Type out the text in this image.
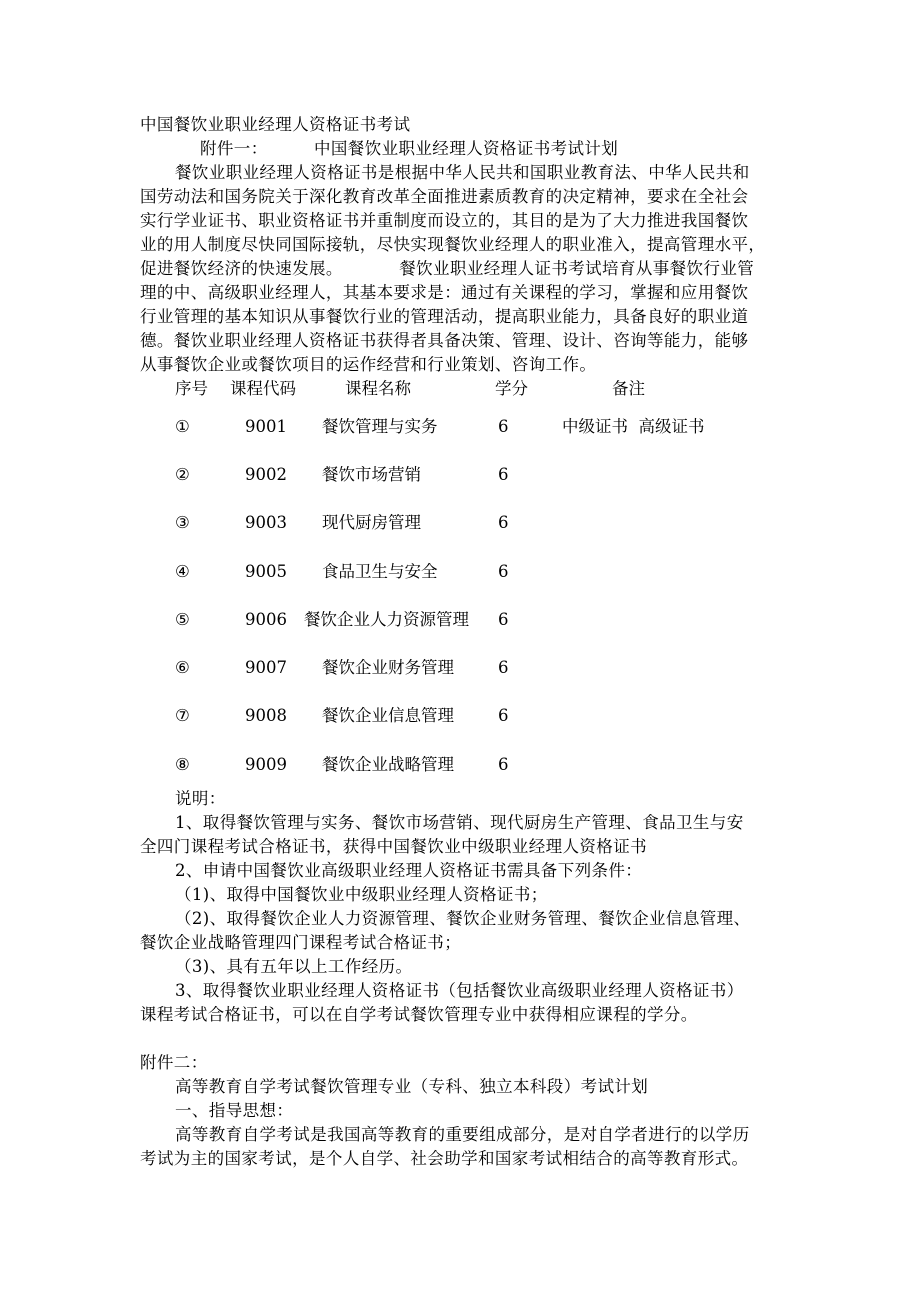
中国餐饮业职业经理人资格证书考试
附件一：	中国餐饮业职业经理人资格证书考试计划
餐饮业职业经理人资格证书是根据中华人民共和国职业教育法、中华人民共和
国劳动法和国务院关于深化教育改革全面推进素质教育的决定精神，要求在全社会
实行学业证书、职业资格证书并重制度而设立的，其目的是为了大力推进我国餐饮
业的用人制度尽快同国际接轨，尽快实现餐饮业经理人的职业准入，提高管理水平，
促进餐饮经济的快速发展。          餐饮业职业经理人证书考试培育从事餐饮行业管
理的中、高级职业经理人，其基本要求是：通过有关课程的学习，掌握和应用餐饮
行业管理的基本知识从事餐饮行业的管理活动，提高职业能力，具备良好的职业道
德。餐饮业职业经理人资格证书获得者具备决策、管理、设计、咨询等能力，能够
从事餐饮企业或餐饮项目的运作经营和行业策划、咨询工作。
序号 课程代码	课程名称	学分	备注
①	9001 餐饮管理与实务	6	中级证书  高级证书
②	9002 餐饮市场营销	6
③	9003 现代厨房管理	6
④	9005 食品卫生与安全	6
⑤	9006 餐饮企业人力资源管理 6
⑥	9007 餐饮企业财务管理	6
⑦	9008 餐饮企业信息管理	6
⑧	9009 餐饮企业战略管理	6
说明：
1、取得餐饮管理与实务、餐饮市场营销、现代厨房生产管理、食品卫生与安
全四门课程考试合格证书，获得中国餐饮业中级职业经理人资格证书
2、申请中国餐饮业高级职业经理人资格证书需具备下列条件：
（1)、取得中国餐饮业中级职业经理人资格证书；
（2)、取得餐饮企业人力资源管理、餐饮企业财务管理、餐饮企业信息管理、
餐饮企业战略管理四门课程考试合格证书；
（3)、具有五年以上工作经历。
3、取得餐饮业职业经理人资格证书（包括餐饮业高级职业经理人资格证书）
课程考试合格证书，可以在自学考试餐饮管理专业中获得相应课程的学分。
附件二：
高等教育自学考试餐饮管理专业（专科、独立本科段）考试计划
一、指导思想：
高等教育自学考试是我国高等教育的重要组成部分，是对自学者进行的以学历
考试为主的国家考试，是个人自学、社会助学和国家考试相结合的高等教育形式。
